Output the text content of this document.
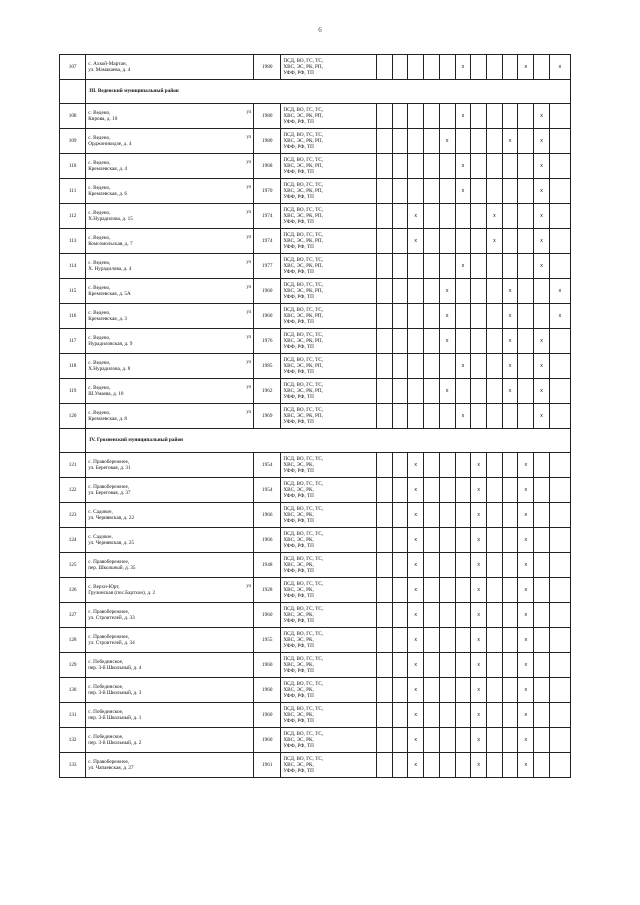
6
107	с. Ахкой-Мартан,
ул. Мамакаева, д. 4	1980	ПСД, ВО, ГС, ТС,
ХВС, ЭС, РК, РП,
УФФ, РФ, ТП						x				x		x
	III. Веденский муниципальный район														
108	с. Ведено,
Кирова, д. 10
ул	1980	ПСД, ВО, ГС, ТС,
ХВС, ЭС, РК, РП,
УФФ, РФ, ТП						x					x	
109	с. Ведено,
Орджоникидзе, д. 4
ул	1980	ПСД, ВО, ГС, ТС,
ХВС, ЭС, РК, РП,
УФФ, РФ, ТП					x				x		x	
110	с. Ведено,
Кремлевская, д. 4
ул	1968	ПСД, ВО, ГС, ТС,
ХВС, ЭС, РК, РП,
УФФ, РФ, ТП						x					x	
111	с. Ведено,
Кремлевская, д. 6
ул	1970	ПСД, ВО, ГС, ТС,
ХВС, ЭС, РК, РП,
УФФ, РФ, ТП						x					x	
112	с. Ведено,
Х.Нурадилова, д. 15
ул	1974	ПСД, ВО, ГС, ТС,
ХВС, ЭС, РК, РП,
УФФ, РФ, ТП			x					x			x	
113	с. Ведено,
Комсомольская, д. 7
ул	1974	ПСД, ВО, ГС, ТС,
ХВС, ЭС, РК, РП,
УФФ, РФ, ТП			x					x			x	
114	с. Ведено,
Х. Нурадилова, д. 4
ул	1977	ПСД, ВО, ГС, ТС,
ХВС, ЭС, РК, РП,
УФФ, РФ, ТП						x					x	
115	с. Ведено,
Кремлевская, д. 5А
ул	1960	ПСД, ВО, ГС, ТС,
ХВС, ЭС, РК, РП,
УФФ, РФ, ТП					x				x			x
116	с. Ведено,
Кремлевская, д. 3
ул	1960	ПСД, ВО, ГС, ТС,
ХВС, ЭС, РК, РП,
УФФ, РФ, ТП					x				x			x
117	с. Ведено,
Нурадиловская, д. 9
ул	1976	ПСД, ВО, ГС, ТС,
ХВС, ЭС, РК, РП,
УФФ, РФ, ТП					x				x		x	
118	с. Ведено,
Х.Нурадилова, д. 8
ул	1985	ПСД, ВО, ГС, ТС,
ХВС, ЭС, РК, РП,
УФФ, РФ, ТП						x			x		x	
119	с. Ведено,
Ш.Умаева, д. 10
ул	1962	ПСД, ВО, ГС, ТС,
ХВС, ЭС, РК, РП,
УФФ, РФ, ТП					x				x		x	
120	с. Ведено,
Кремлевская, д. 8
ул	1969	ПСД, ВО, ГС, ТС,
ХВС, ЭС, РК, РП,
УФФ, РФ, ТП						x					x	
	IV. Грозненский муниципальный район														
121	с. Правобережное,
ул. Береговая, д. 31	1954	ПСД, ВО, ГС, ТС,
ХВС, ЭС, РК,
УФФ, РФ, ТП			x				x			x		
122	с. Правобережное,
ул. Береговая, д. 37	1954	ПСД, ВО, ГС, ТС,
ХВС, ЭС, РК,
УФФ, РФ, ТП			x				x			x		
123	с. Садовое,
ул. Чернявская, д. 22	1966	ПСД, ВО, ГС, ТС,
ХВС, ЭС, РК,
УФФ, РФ, ТП			x				x			x		
124	с. Садовое,
ул. Чернявская, д. 25	1966	ПСД, ВО, ГС, ТС,
ХВС, ЭС, РК,
УФФ, РФ, ТП			x				x			x		
125	с. Правобережное,
пер. Школьный, д. 35	1948	ПСД, ВО, ГС, ТС,
ХВС, ЭС, РК,
УФФ, РФ, ТП			x				x			x		
126	с. Верхн-Юрт,
Грузинская (пос.Бартхон), д. 2
ул	1928	ПСД, ВО, ГС, ТС,
ХВС, ЭС, РК,
УФФ, РФ, ТП			x				x			x		
127	с. Правобережное,
ул. Строителей, д. 33	1960	ПСД, ВО, ГС, ТС,
ХВС, ЭС, РК,
УФФ, РФ, ТП			x				x			x		
128	с. Правобережное,
ул. Строителей, д. 34	1955	ПСД, ВО, ГС, ТС,
ХВС, ЭС, РК,
УФФ, РФ, ТП			x				x			x		
129	с. Побединское,
пер. 3-й Школьный, д. 4	1960	ПСД, ВО, ГС, ТС,
ХВС, ЭС, РК,
УФФ, РФ, ТП			x				x			x		
130	с. Побединское,
пер. 3-й Школьный, д. 3	1960	ПСД, ВО, ГС, ТС,
ХВС, ЭС, РК,
УФФ, РФ, ТП			x				x			x		
131	с. Побединское,
пер. 3-й Школьный, д. 1	1960	ПСД, ВО, ГС, ТС,
ХВС, ЭС, РК,
УФФ, РФ, ТП			x				x			x		
132	с. Побединское,
пер. 3-й Школьный, д. 2	1960	ПСД, ВО, ГС, ТС,
ХВС, ЭС, РК,
УФФ, РФ, ТП			x				x			x		
133	с. Правобережное,
ул. Чапаевская, д. 27	1961	ПСД, ВО, ГС, ТС,
ХВС, ЭС, РК,
УФФ, РФ, ТП			x				x			x		
